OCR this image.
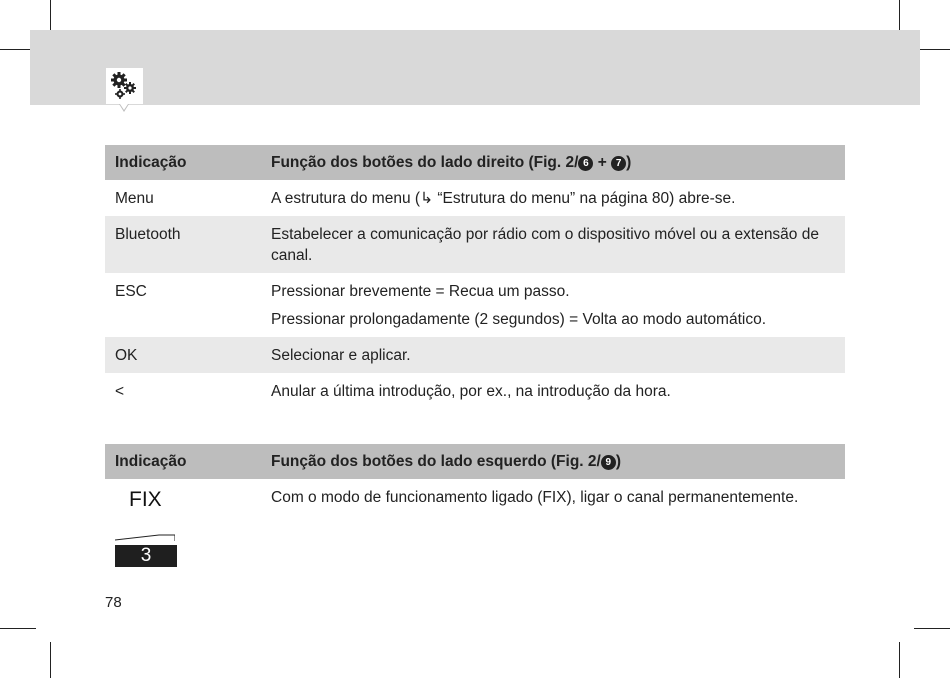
Indicação	Função dos botões do lado direito (Fig. 2/ 6 + 7 )
Menu	A estrutura do menu (↳ “Estrutura do menu” na página 80) abre-se.
Bluetooth	Estabelecer a comunicação por rádio com o dispositivo móvel ou a extensão de canal.
ESC	Pressionar brevemente = Recua um passo.
Pressionar prolongadamente (2 segundos) = Volta ao modo automático.

OK	Selecionar e aplicar.
<	Anular a última introdução, por ex., na introdução da hora.
Indicação	Função dos botões do lado esquerdo (Fig. 2/ 9 )

FIX
3	Com o modo de funcionamento ligado (FIX), ligar o canal permanentemente.
78
